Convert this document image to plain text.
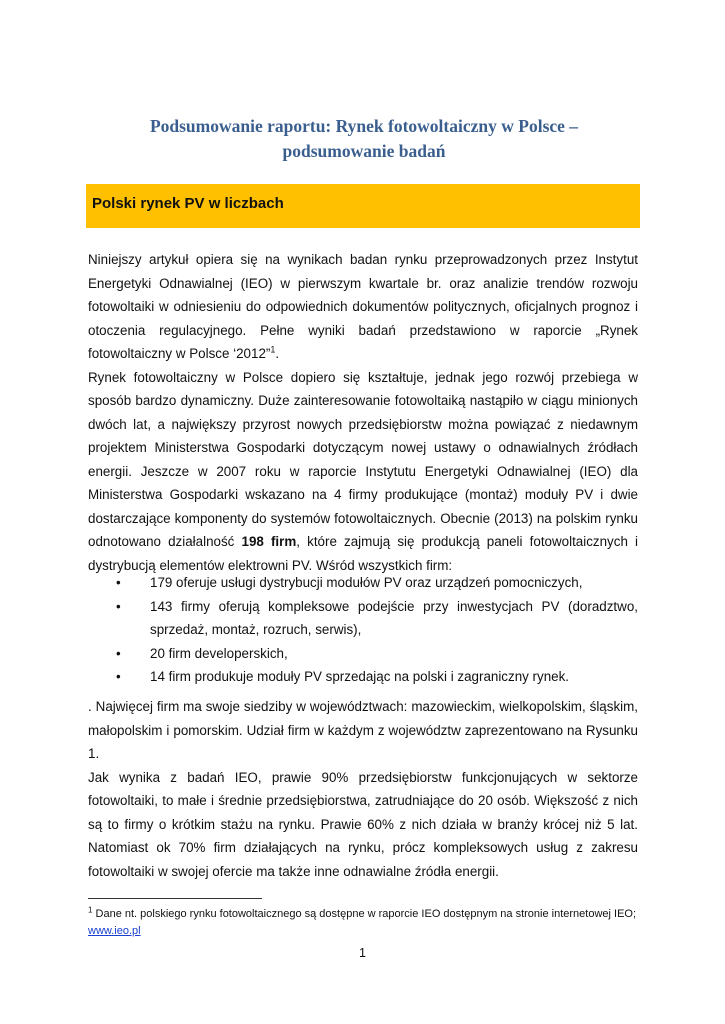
Podsumowanie raportu: Rynek fotowoltaiczny w Polsce –
podsumowanie badań
Polski rynek PV w liczbach

Niniejszy artykuł opiera się na wynikach badan rynku przeprowadzonych przez Instytut Energetyki Odnawialnej (IEO) w pierwszym kwartale br. oraz analizie trendów rozwoju fotowoltaiki w odniesieniu do odpowiednich dokumentów politycznych, oficjalnych prognoz i otoczenia regulacyjnego. Pełne wyniki badań przedstawiono w raporcie „Rynek fotowoltaiczny w Polsce ‘2012”$^1$.

Rynek fotowoltaiczny w Polsce dopiero się kształtuje, jednak jego rozwój przebiega w sposób bardzo dynamiczny. Duże zainteresowanie fotowoltaiką nastąpiło w ciągu minionych dwóch lat, a największy przyrost nowych przedsiębiorstw można powiązać z niedawnym projektem Ministerstwa Gospodarki dotyczącym nowej ustawy o odnawialnych źródłach energii. Jeszcze w 2007 roku w raporcie Instytutu Energetyki Odnawialnej (IEO) dla Ministerstwa Gospodarki wskazano na 4 firmy produkujące (montaż) moduły PV i dwie dostarczające komponenty do systemów fotowoltaicznych. Obecnie (2013) na polskim rynku odnotowano działalność 198 firm, które zajmują się produkcją paneli fotowoltaicznych i dystrybucją elementów elektrowni PV. Wśród wszystkich firm:

• 179 oferuje usługi dystrybucji modułów PV oraz urządzeń pomocniczych,
• 143 firmy oferują kompleksowe podejście przy inwestycjach PV (doradztwo, sprzedaż, montaż, rozruch, serwis),
• 20 firm developerskich,
• 14 firm produkuje moduły PV sprzedając na polski i zagraniczny rynek.

. Najwięcej firm ma swoje siedziby w województwach: mazowieckim, wielkopolskim, śląskim, małopolskim i pomorskim. Udział firm w każdym z województw zaprezentowano na Rysunku 1.

Jak wynika z badań IEO, prawie 90% przedsiębiorstw funkcjonujących w sektorze fotowoltaiki, to małe i średnie przedsiębiorstwa, zatrudniające do 20 osób. Większość z nich są to firmy o krótkim stażu na rynku. Prawie 60% z nich działa w branży krócej niż 5 lat. Natomiast ok 70% firm działających na rynku, prócz kompleksowych usług z zakresu fotowoltaiki w swojej ofercie ma także inne odnawialne źródła energii.

$^1$ Dane nt. polskiego rynku fotowoltaicznego są dostępne w raporcie IEO dostępnym na stronie internetowej IEO; www.ieo.pl
1
